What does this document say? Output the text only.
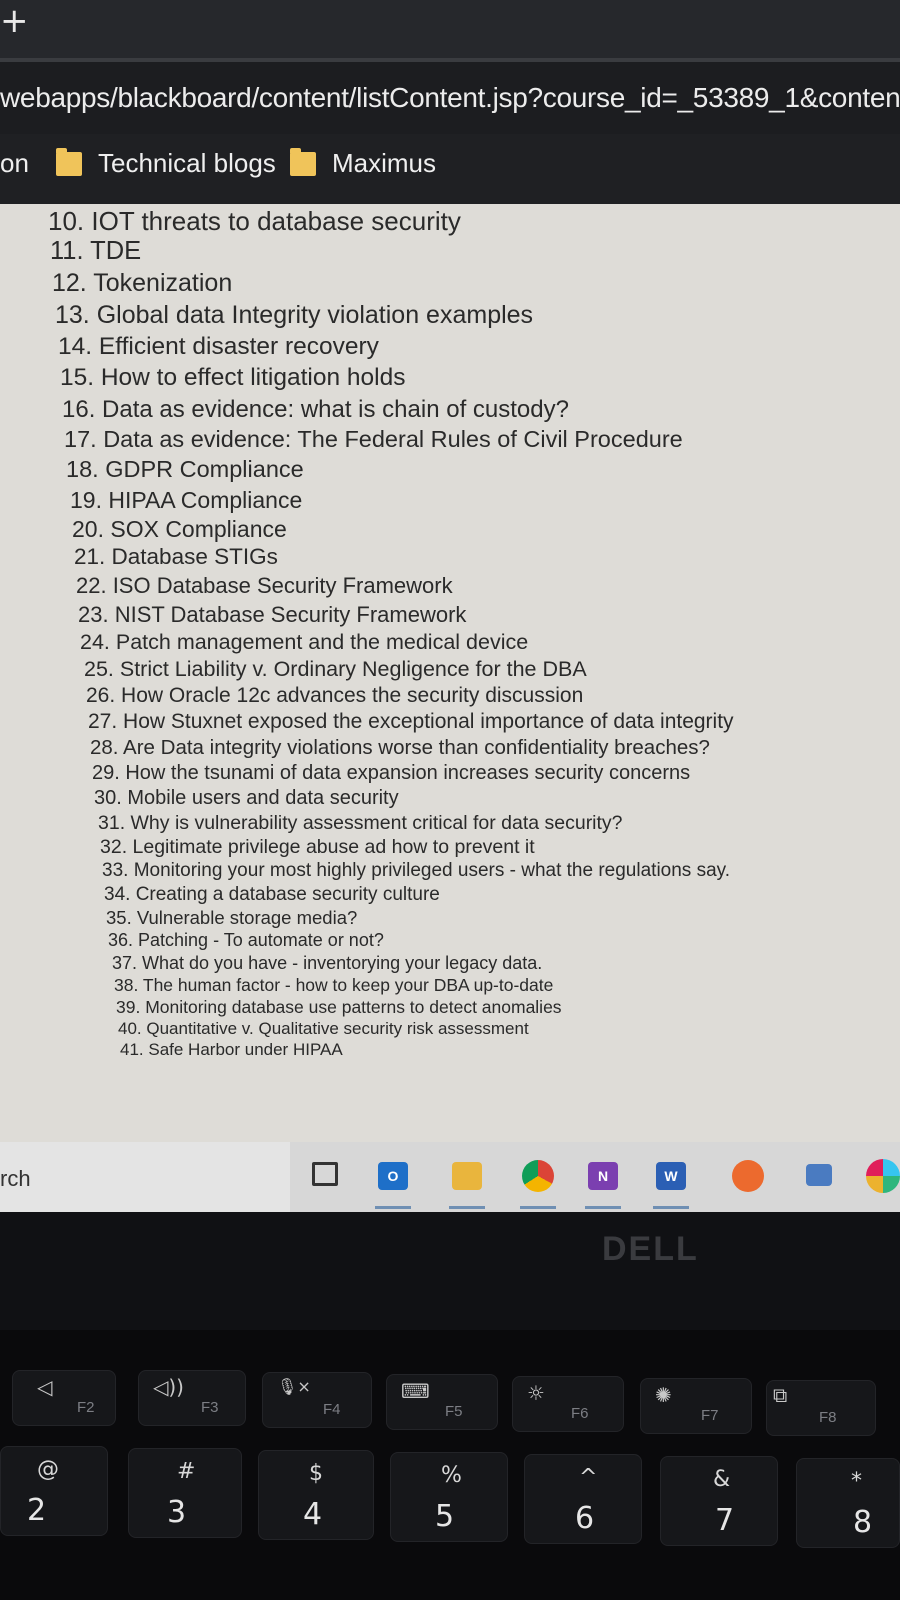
+
webapps/blackboard/content/listContent.jsp?course_id=_53389_1&conten
on	Technical blogs Maximus
10. IOT threats to database security
11. TDE
12. Tokenization
13. Global data Integrity violation examples
14. Efficient disaster recovery
15. How to effect litigation holds
16. Data as evidence: what is chain of custody?
17. Data as evidence: The Federal Rules of Civil Procedure
18. GDPR Compliance
19. HIPAA Compliance
20. SOX Compliance
21. Database STIGs
22. ISO Database Security Framework
23. NIST Database Security Framework
24. Patch management and the medical device
25. Strict Liability v. Ordinary Negligence for the DBA
26. How Oracle 12c advances the security discussion
27. How Stuxnet exposed the exceptional importance of data integrity
28. Are Data integrity violations worse than confidentiality breaches?
29. How the tsunami of data expansion increases security concerns
30. Mobile users and data security
31. Why is vulnerability assessment critical for data security?
32. Legitimate privilege abuse ad how to prevent it
33. Monitoring your most highly privileged users - what the regulations say.
34. Creating a database security culture
35. Vulnerable storage media?
36. Patching - To automate or not?
37. What do you have - inventorying your legacy data.
38. The human factor - how to keep your DBA up-to-date
39. Monitoring database use patterns to detect anomalies
40. Quantitative v. Qualitative security risk assessment
41. Safe Harbor under HIPAA
rch	O	N	W
DELL
◁
F2
◁))
F3
🎙×
F4
⌨
F5
☼
F6
✺
F7
⧉
F8
@
2
#
3
$
4
%
5
^
6
&
7
*
8
